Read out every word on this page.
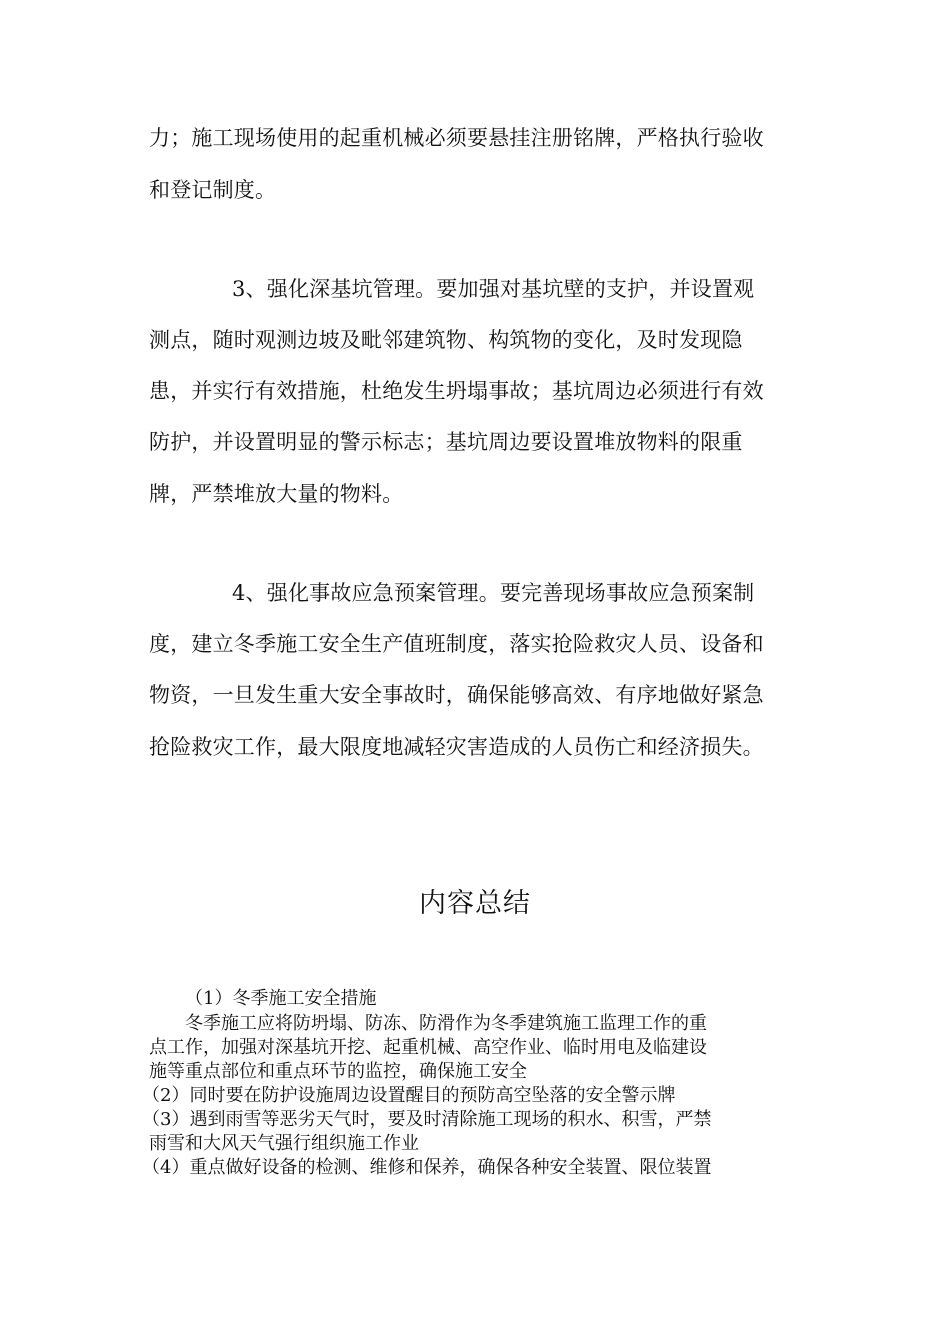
力；施工现场使用的起重机械必须要悬挂注册铭牌，严格执行验收
和登记制度。
3、强化深基坑管理。要加强对基坑壁的支护，并设置观
测点，随时观测边坡及毗邻建筑物、构筑物的变化，及时发现隐
患，并实行有效措施，杜绝发生坍塌事故；基坑周边必须进行有效
防护，并设置明显的警示标志；基坑周边要设置堆放物料的限重
牌，严禁堆放大量的物料。
4、强化事故应急预案管理。要完善现场事故应急预案制
度，建立冬季施工安全生产值班制度，落实抢险救灾人员、设备和
物资，一旦发生重大安全事故时，确保能够高效、有序地做好紧急
抢险救灾工作，最大限度地减轻灾害造成的人员伤亡和经济损失。
内容总结
（1）冬季施工安全措施
冬季施工应将防坍塌、防冻、防滑作为冬季建筑施工监理工作的重
点工作，加强对深基坑开挖、起重机械、高空作业、临时用电及临建设
施等重点部位和重点环节的监控，确保施工安全
（2）同时要在防护设施周边设置醒目的预防高空坠落的安全警示牌
（3）遇到雨雪等恶劣天气时，要及时清除施工现场的积水、积雪，严禁
雨雪和大风天气强行组织施工作业
（4）重点做好设备的检测、维修和保养，确保各种安全装置、限位装置
